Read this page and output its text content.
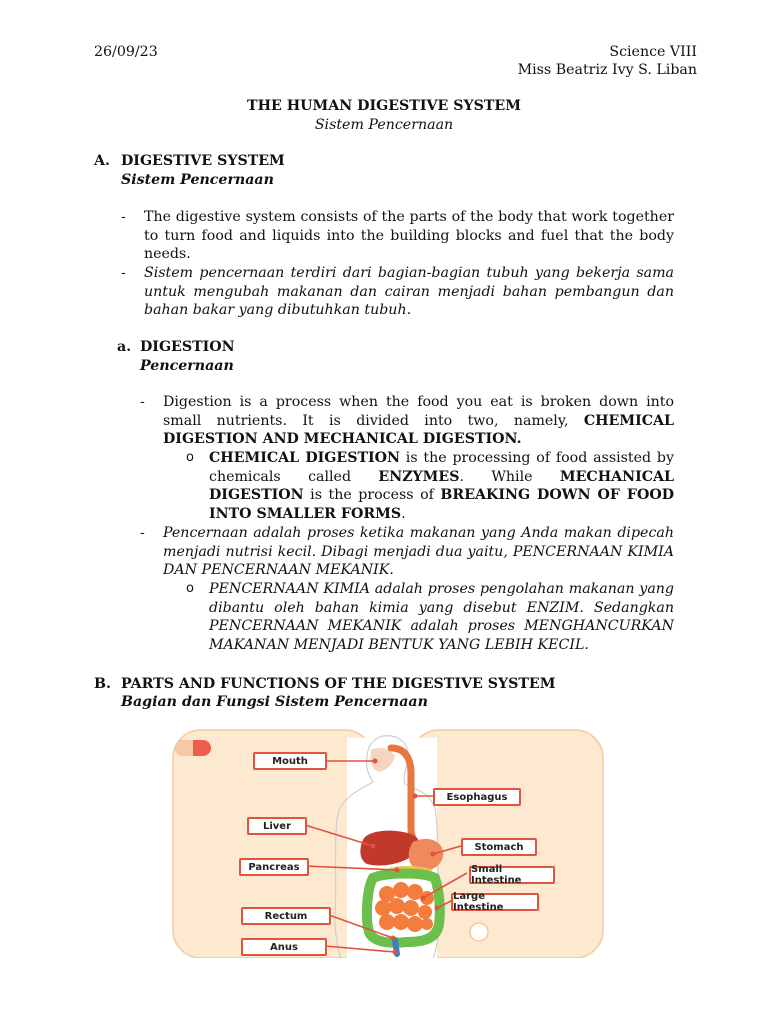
26/09/23	Science VIII
Miss Beatriz Ivy S. Liban
THE HUMAN DIGESTIVE SYSTEM
Sistem Pencernaan
A. DIGESTIVE SYSTEM
Sistem Pencernaan
- The digestive system consists of the parts of the body that work together to turn food and liquids into the building blocks and fuel that the body needs.
- Sistem pencernaan terdiri dari bagian-bagian tubuh yang bekerja sama untuk mengubah makanan dan cairan menjadi bahan pembangun dan bahan bakar yang dibutuhkan tubuh.
a. DIGESTION
Pencernaan
- Digestion is a process when the food you eat is broken down into small nutrients. It is divided into two, namely, CHEMICAL DIGESTION AND MECHANICAL DIGESTION.
o CHEMICAL DIGESTION is the processing of food assisted by chemicals called ENZYMES. While MECHANICAL DIGESTION is the process of BREAKING DOWN OF FOOD INTO SMALLER FORMS.
- Pencernaan adalah proses ketika makanan yang Anda makan dipecah menjadi nutrisi kecil. Dibagi menjadi dua yaitu, PENCERNAAN KIMIA DAN PENCERNAAN MEKANIK.
o PENCERNAAN KIMIA adalah proses pengolahan makanan yang dibantu oleh bahan kimia yang disebut ENZIM. Sedangkan PENCERNAAN MEKANIK adalah proses MENGHANCURKAN MAKANAN MENJADI BENTUK YANG LEBIH KECIL.
B. PARTS AND FUNCTIONS OF THE DIGESTIVE SYSTEM
Bagian dan Fungsi Sistem Pencernaan
Mouth
Esophagus
Liver
Stomach
Pancreas	Small Intestine
Large Intestine
Rectum
Anus
